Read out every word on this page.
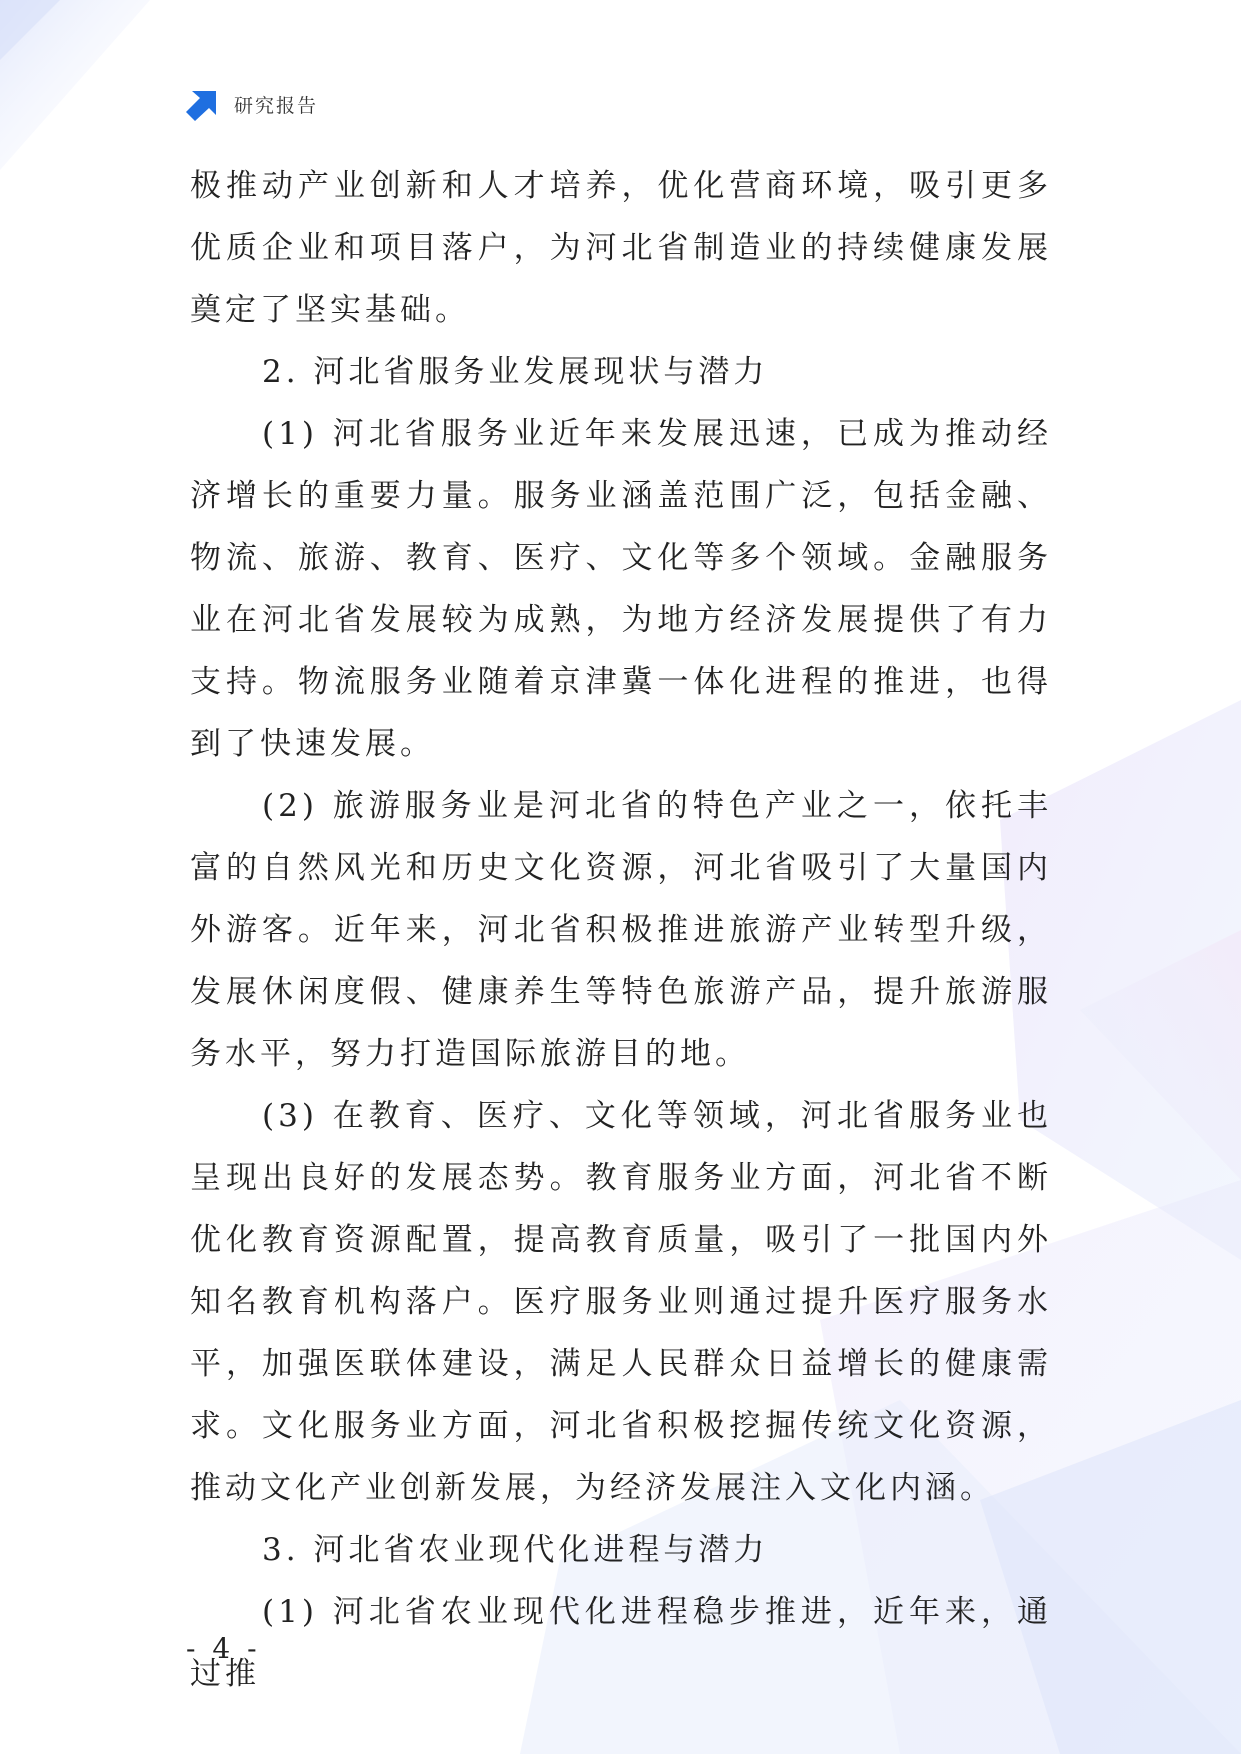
研究报告

极推动产业创新和人才培养，优化营商环境，吸引更多优质企业和项目落户，为河北省制造业的持续健康发展奠定了坚实基础。

2. 河北省服务业发展现状与潜力

(1) 河北省服务业近年来发展迅速，已成为推动经济增长的重要力量。服务业涵盖范围广泛，包括金融、物流、旅游、教育、医疗、文化等多个领域。金融服务业在河北省发展较为成熟，为地方经济发展提供了有力支持。物流服务业随着京津冀一体化进程的推进，也得到了快速发展。

(2) 旅游服务业是河北省的特色产业之一，依托丰富的自然风光和历史文化资源，河北省吸引了大量国内外游客。近年来，河北省积极推进旅游产业转型升级，发展休闲度假、健康养生等特色旅游产品，提升旅游服务水平，努力打造国际旅游目的地。

(3) 在教育、医疗、文化等领域，河北省服务业也呈现出良好的发展态势。教育服务业方面，河北省不断优化教育资源配置，提高教育质量，吸引了一批国内外知名教育机构落户。医疗服务业则通过提升医疗服务水平，加强医联体建设，满足人民群众日益增长的健康需求。文化服务业方面，河北省积极挖掘传统文化资源，推动文化产业创新发展，为经济发展注入文化内涵。

3. 河北省农业现代化进程与潜力

(1) 河北省农业现代化进程稳步推进，近年来，通过推

- 4 -
